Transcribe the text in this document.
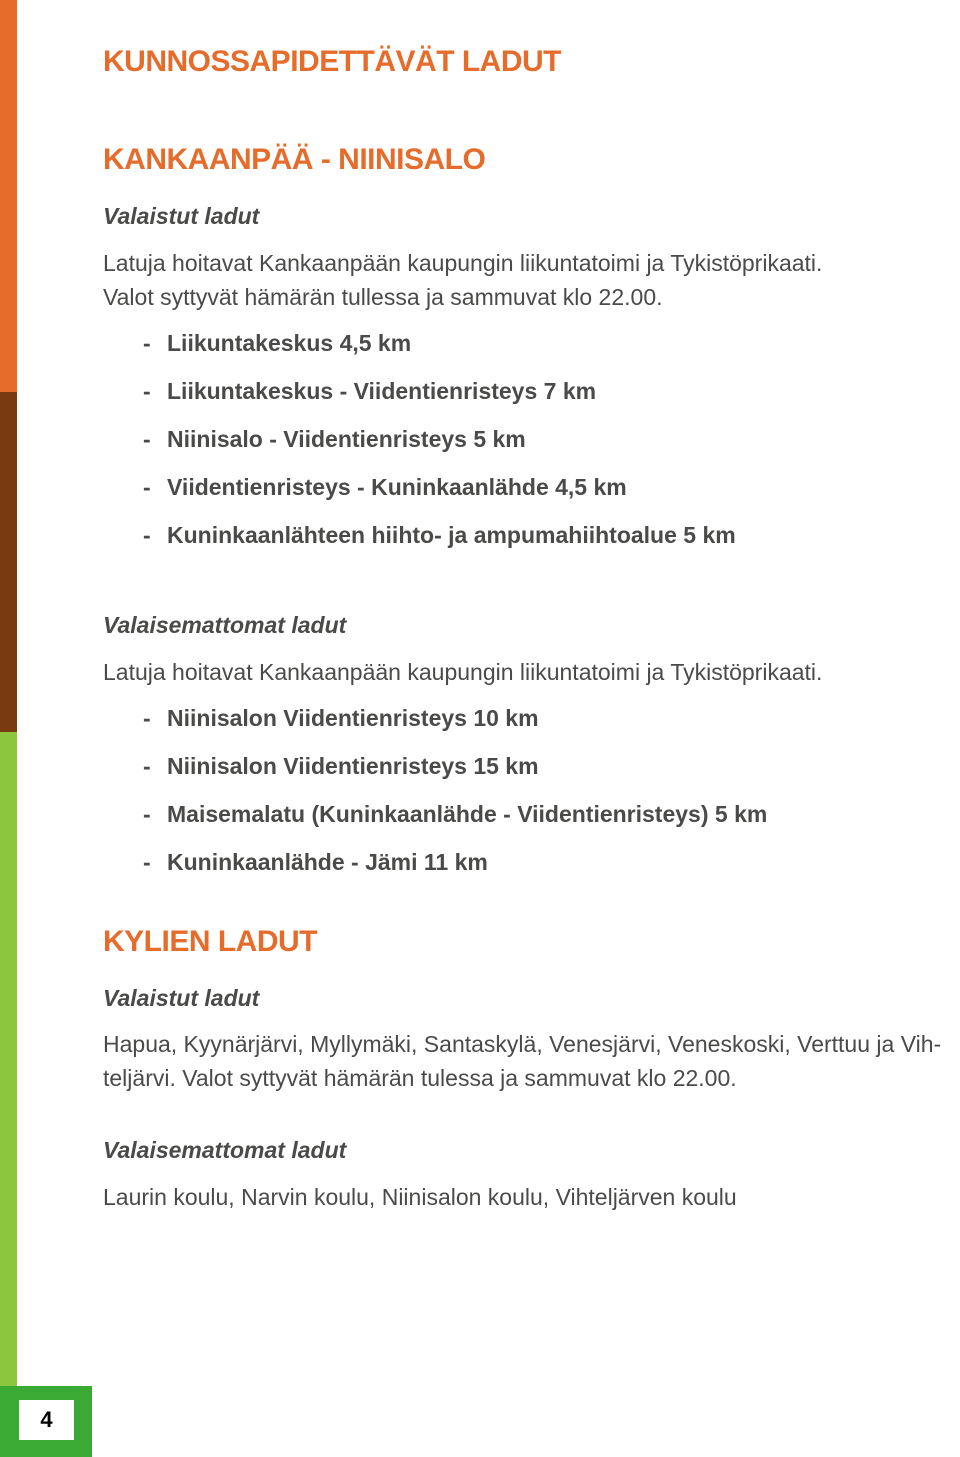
4
KUNNOSSAPIDETTÄVÄT LADUT
KANKAANPÄÄ - NIINISALO
Valaistut ladut
Latuja hoitavat Kankaanpään kaupungin liikuntatoimi ja Tykistöprikaati.
Valot syttyvät hämärän tullessa ja sammuvat klo 22.00.
- Liikuntakeskus 4,5 km
- Liikuntakeskus - Viidentienristeys 7 km
- Niinisalo - Viidentienristeys 5 km
- Viidentienristeys - Kuninkaanlähde 4,5 km
- Kuninkaanlähteen hiihto- ja ampumahiihtoalue 5 km
Valaisemattomat ladut
Latuja hoitavat Kankaanpään kaupungin liikuntatoimi ja Tykistöprikaati.
- Niinisalon Viidentienristeys 10 km
- Niinisalon Viidentienristeys 15 km
- Maisemalatu (Kuninkaanlähde - Viidentienristeys) 5 km
- Kuninkaanlähde - Jämi 11 km
KYLIEN LADUT
Valaistut ladut
Hapua, Kyynärjärvi, Myllymäki, Santaskylä, Venesjärvi, Veneskoski, Verttuu ja Vih-
teljärvi. Valot syttyvät hämärän tulessa ja sammuvat klo 22.00.
Valaisemattomat ladut
Laurin koulu, Narvin koulu, Niinisalon koulu, Vihteljärven koulu
